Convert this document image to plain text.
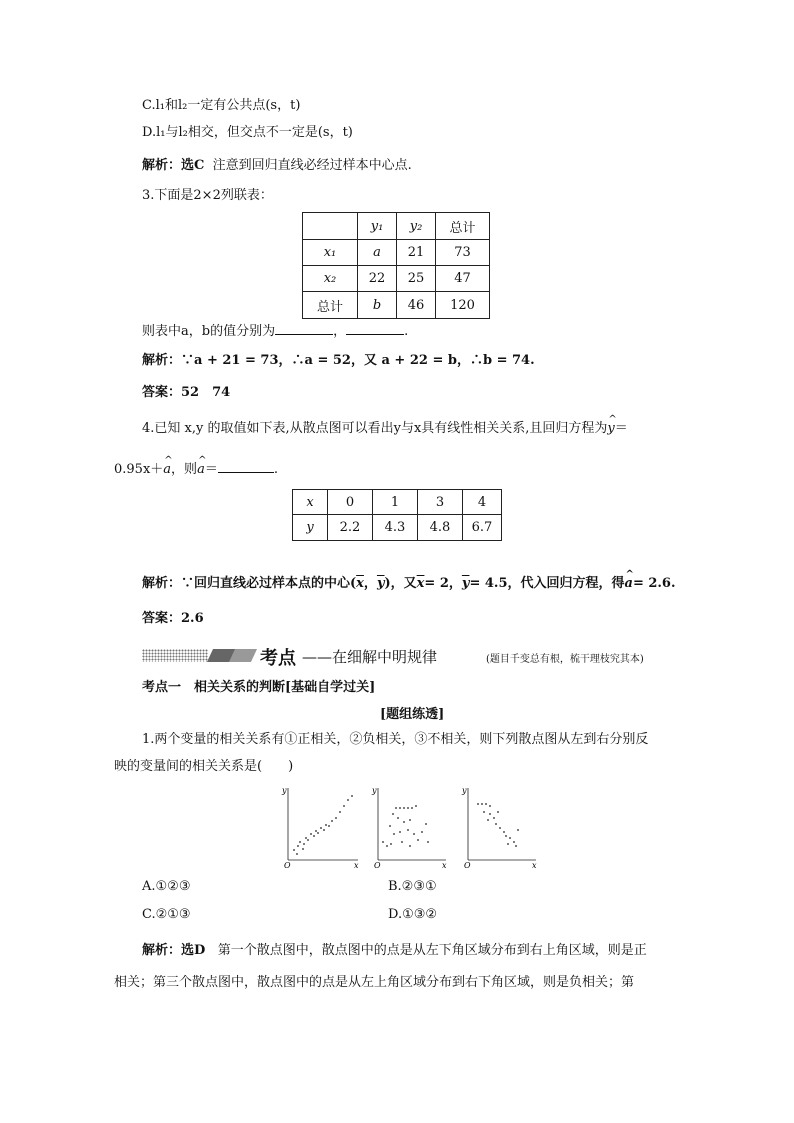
C.l₁和l₂一定有公共点(s，t)
D.l₁与l₂相交，但交点不一定是(s，t)
解析：选C 注意到回归直线必经过样本中心点.
3.下面是2×2列联表：
	y₁	y₂	总计
x₁	a	21	73
x₂	22	25	47
总计	b	46	120
则表中a，b的值分别为	，	.
解析：∵a + 21 = 73，∴a = 52，又 a + 22 = b，∴b = 74.
答案：52　74
4.已知 x,y 的取值如下表,从散点图可以看出y与x具有线性相关关系,且回归方程为^ y＝
0.95x＋^ a，则^ a＝	.
x	0	1	3	4
y	2.2	4.3	4.8	6.7
解析：∵回归直线必过样本点的中心($\overline{x}$，$\overline{y}$)，又$\overline{x}= 2$，$\overline{y}= 4.5$，代入回归方程，得^ a= 2.6.
答案：2.6
考点 ——在细解中明规律	(题目千变总有根，梳干理枝究其本)
考点一　相关关系的判断[基础自学过关]
[题组练透]
1.两个变量的相关关系有①正相关，②负相关，③不相关，则下列散点图从左到右分别反
映的变量间的相关关系是(　　)
y
x
O
y
x
O
y
x
O
A.①②③	B.②③①
C.②①③	D.①③②
解析：选D 第一个散点图中，散点图中的点是从左下角区域分布到右上角区域，则是正
相关；第三个散点图中，散点图中的点是从左上角区域分布到右下角区域，则是负相关；第
